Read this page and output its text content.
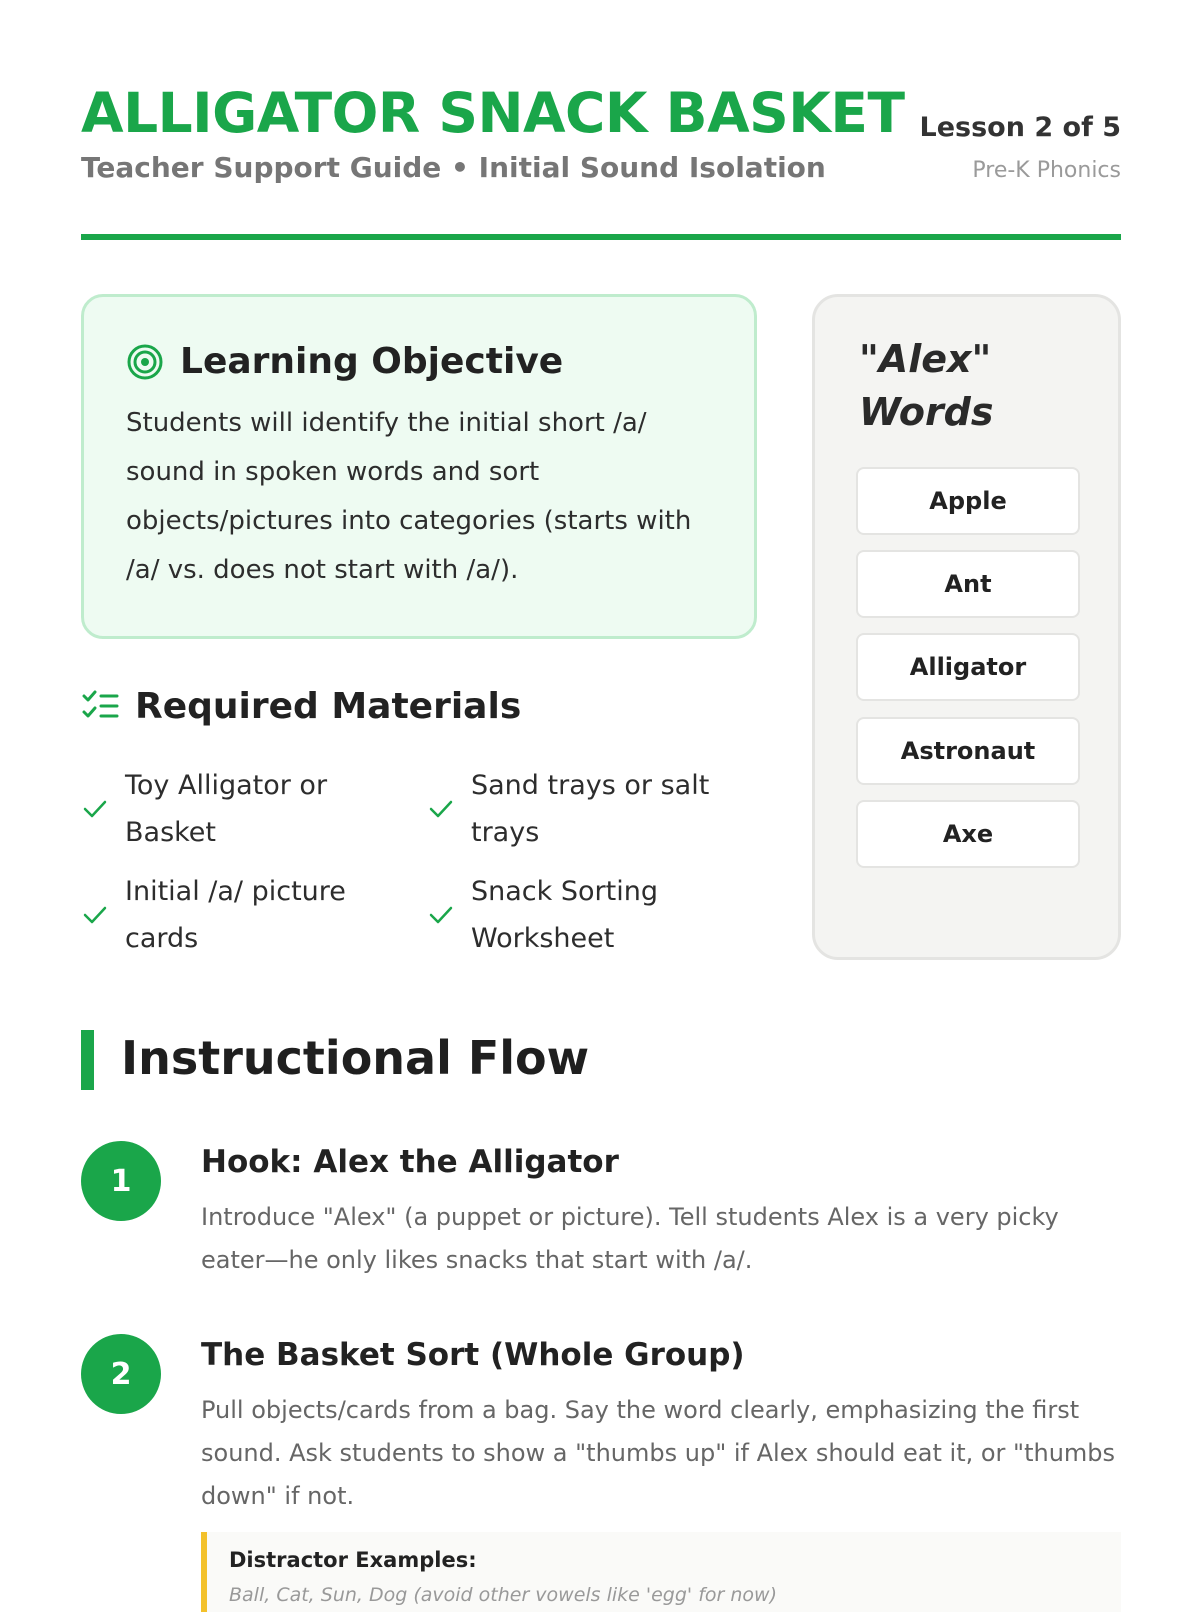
ALLIGATOR SNACK BASKET
Teacher Support Guide • Initial Sound Isolation
Lesson 2 of 5
Pre-K Phonics
Learning Objective

Students will identify the initial short /a/ sound in spoken words and sort objects/pictures into categories (starts with /a/ vs. does not start with /a/).

Required Materials
Toy Alligator or Basket
Sand trays or salt trays
Initial /a/ picture cards
Snack Sorting Worksheet
"Alex" Words
Apple
Ant
Alligator
Astronaut
Axe
Instructional Flow
1
Hook: Alex the Alligator

Introduce "Alex" (a puppet or picture). Tell students Alex is a very picky eater—he only likes snacks that start with /a/.

2
The Basket Sort (Whole Group)

Pull objects/cards from a bag. Say the word clearly, emphasizing the first sound. Ask students to show a "thumbs up" if Alex should eat it, or "thumbs down" if not.

Distractor Examples:
Ball, Cat, Sun, Dog (avoid other vowels like 'egg' for now)
